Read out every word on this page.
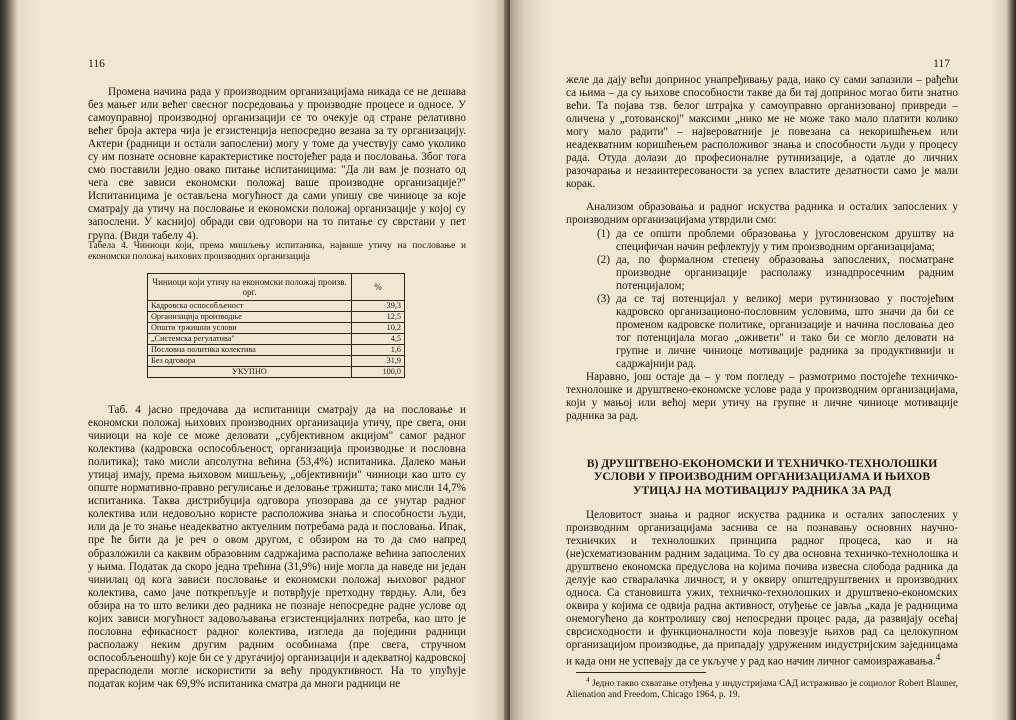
116

Промена начина рада у производним организацијама никада се не дешава без мањег или већег свесног посредовања у производне процесе и односе. У самоуправној производној организацији се то очекује од стране релативно већег броја актера чија је егзистенција непосредно везана за ту организацију. Актери (радници и остали запослени) могу у томе да учествују само уколико су им познате основне карактеристике постојећег рада и пословања. Због тога смо поставили једно овако питање испитаницима: "Да ли вам је познато од чега све зависи економски положај ваше производне организације?" Испитаницима је остављена могућност да сами упишу све чиниоце за које сматрају да утичу на пословање и економски положај организације у којој су запослени. У каснијој обради сви одговори на то питање су сврстани у пет група. (Види табелу 4).

Табела 4. Чиниоци који, према мишљењу испитаника, највише утичу на пословање и економски положај њихових производних организација
Чиниоци који утичу на економски положај произв. орг.	%
Кадровска оспособљеност	39,3
Организација производње	12,5
Општи тржишни услови	10,2
„Системска регулатива"	4,5
Пословна политика колектива	1,6
Без одговора	31,9
УКУПНО	100,0

Таб. 4 јасно предочава да испитаници сматрају да на пословање и економски положај њихових производних организација утичу, пре свега, они чиниоци на које се може деловати „субјективном акцијом" самог радног колектива (кадровска оспособљеност, организација производње и пословна политика); тако мисли апсолутна већина (53,4%) испитаника. Далеко мањи утицај имају, према њиховом мишљењу, „објективнији" чиниоци као што су опште нормативно-правно регулисање и деловање тржишта; тако мисли 14,7% испитаника. Таква дистрибуција одговора упозорава да се унутар радног колектива или недовољно користе расположива знања и способности људи, или да је то знање неадекватно актуелним потребама рада и пословања. Ипак, пре ће бити да је реч о овом другом, с обзиром на то да смо напред образложили са каквим образовним садржајима располаже већина запослених у њима. Податак да скоро једна трећина (31,9%) није могла да наведе ни један чинилац од кога зависи пословање и економски положај њиховог радног колектива, само јаче поткрепљује и потврђује претходну тврдњу. Али, без обзира на то што велики део радника не познаје непосредне радне услове од којих зависи могућност задовољавања егзистенцијалних потреба, као што је пословна ефикасност радног колектива, изгледа да поједини радници располажу неким другим радним особинама (пре свега, стручном оспособљеношћу) које би се у другачијој организацији и адекватној кадровској прерасподели могле искористити за већу продуктивност. На то упућује податак којим чак 69,9% испитаника сматра да многи радници не

117

желе да дају већи допринос унапређивању рада, иако су сами запазили – рађећи са њима – да су њихове способности такве да би тај допринос могао бити знатно већи. Та појава тзв. белог штрајка у самоуправно организованој привреди – оличена у „готованској" максими „нико ме не може тако мало платити колико могу мало радити" – највероватније је повезана са некоришћењем или неадекватним коришћењем расположивог знања и способности људи у процесу рада. Отуда долази до професионалне рутинизације, а одатле до личних разочарања и незаинтересованости за успех властите делатности само је мали корак.

Анализом образовања и радног искуства радника и осталих запослених у производним организацијама утврдили смо:

(1) да се општи проблеми образовања у југословенском друштву на специфичан начин рефлектују у тим производним организацијама;
(2) да, по формалном степену образовања запослених, посматране производне организације располажу изнадпросечним радним потенцијалом;
(3) да се тај потенцијал у великој мери рутинизовао у постојећим кадровско организационо-пословним условима, што значи да би се променом кадровске политике, организације и начина пословања део тог потенцијала могао „оживети" и тако би се могло деловати на групне и личне чиниоце мотивације радника за продуктивнији и садржајнији рад.

Наравно, још остаје да – у том погледу – размотримо постојеће техничко-технолошке и друштвено-економске услове рада у производним организацијама, који у мањој или већој мери утичу на групне и личне чиниоце мотивације радника за рад.

В) ДРУШТВЕНО-ЕКОНОМСКИ И ТЕХНИЧКО-ТЕХНОЛОШКИ УСЛОВИ У ПРОИЗВОДНИМ ОРГАНИЗАЦИЈАМА И ЊИХОВ УТИЦАЈ НА МОТИВАЦИЈУ РАДНИКА ЗА РАД

Целовитост знања и радног искуства радника и осталих запослених у производним организацијама заснива се на познавању основних научно-техничких и технолошких принципа радног процеса, као и на (не)схематизованим радним задацима. То су два основна техничко-технолошка и друштвено економска предуслова на којима почива извесна слобода радника да делује као стваралачка личност, и у оквиру општедруштвених и производних односа. Са становишта ужих, техничко-технолошких и друштвено-економских оквира у којима се одвија радна активност, отуђење се јавља „када је радницима онемогућено да контролишу свој непосредни процес рада, да развијају осећај сврсисходности и функционалности која повезује њихов рад са целокупном организацијом производње, да припадају удруженим индустријским заједницама и када они не успевају да се укључе у рад као начин личног самоизражавања.$^4$

$^4$ Једно такво схватање отуђења у индустријама САД истраживао је социолог Robert Blauner, Alienation and Freedom, Chicago 1964, p. 19.
